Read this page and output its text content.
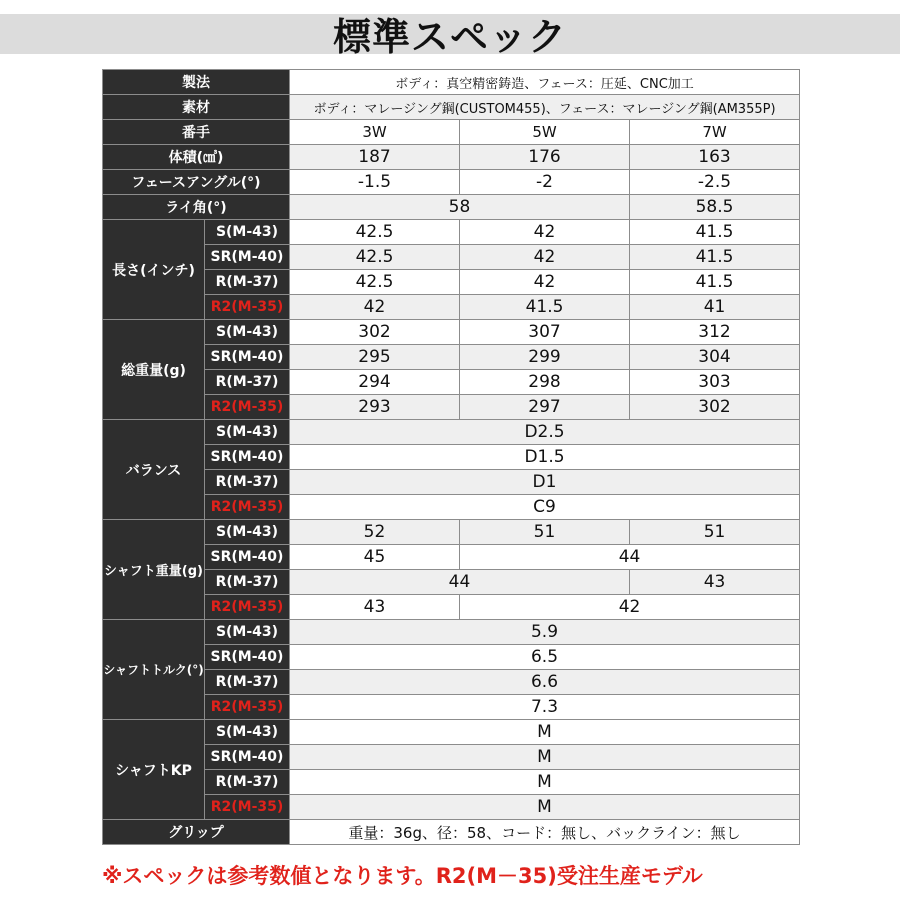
標準スペック
製法		ボディ：真空精密鋳造、フェース：圧延、CNC加工		
素材		ボディ：マレージング鋼(CUSTOM455)、フェース：マレージング鋼(AM355P)		
番手		3W	5W	7W
体積(㎤)		187	176	163
フェースアングル(°)		-1.5	-2	-2.5
ライ角(°)		58		58.5
長さ(インチ)	S(M-43)	42.5	42	41.5
	SR(M-40)	42.5	42	41.5
	R(M-37)	42.5	42	41.5
	R2(M-35)	42	41.5	41
総重量(g)	S(M-43)	302	307	312
	SR(M-40)	295	299	304
	R(M-37)	294	298	303
	R2(M-35)	293	297	302
バランス	S(M-43)	D2.5		
	SR(M-40)	D1.5		
	R(M-37)	D1		
	R2(M-35)	C9		
シャフト重量(g)	S(M-43)	52	51	51
	SR(M-40)	45	44	
	R(M-37)	44		43
	R2(M-35)	43	42	
シャフトトルク(°)	S(M-43)	5.9		
	SR(M-40)	6.5		
	R(M-37)	6.6		
	R2(M-35)	7.3		
シャフトKP	S(M-43)	M		
	SR(M-40)	M		
	R(M-37)	M		
	R2(M-35)	M		
グリップ		重量：36g、径：58、コード：無し、バックライン：無し		
※スペックは参考数値となります。R2(M－35)受注生産モデル
